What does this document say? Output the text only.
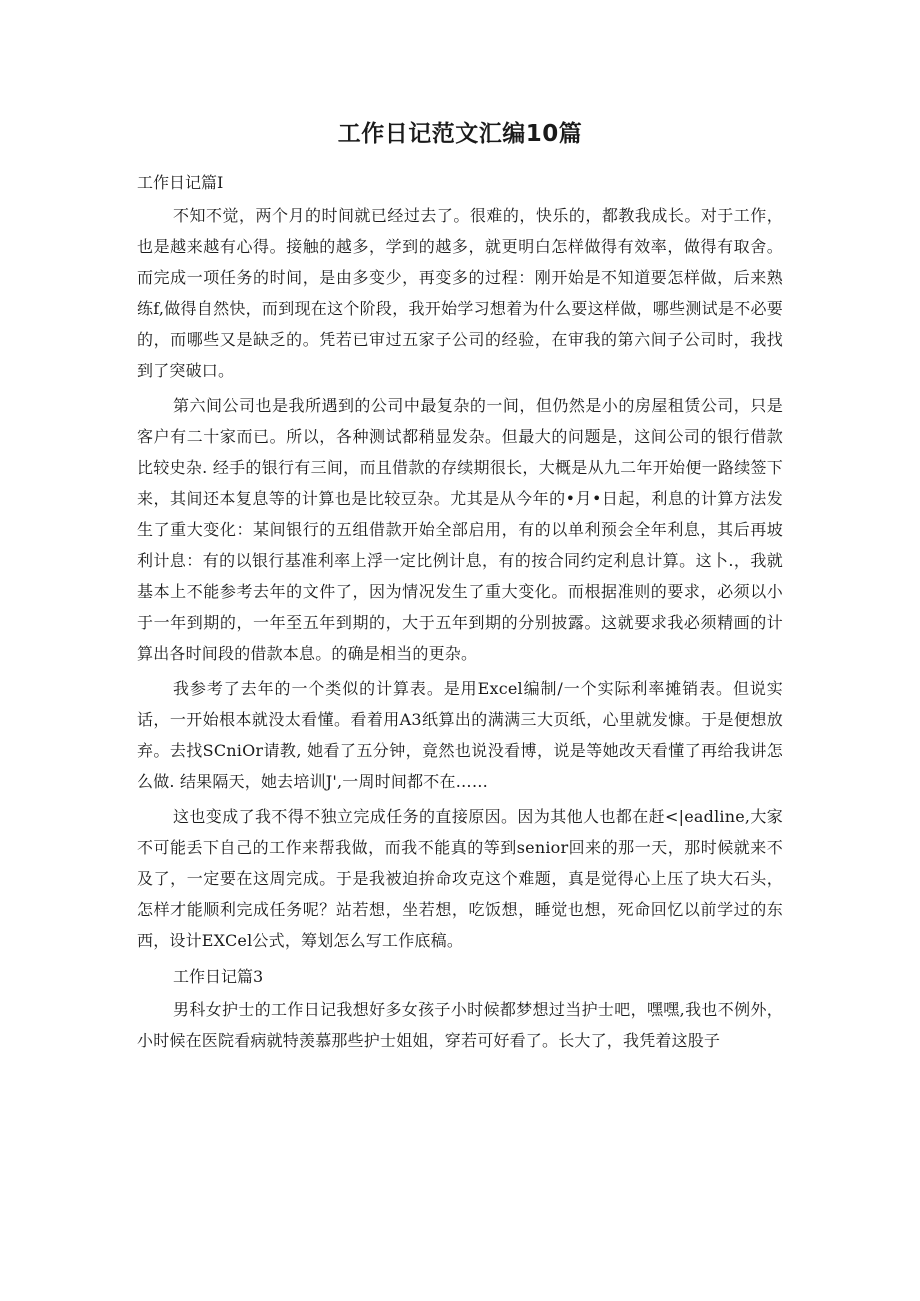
工作日记范文汇编10篇
工作日记篇I

不知不觉，两个月的时间就已经过去了。很难的，快乐的，都教我成长。对于工作，也是越来越有心得。接触的越多，学到的越多，就更明白怎样做得有效率，做得有取舍。而完成一项任务的时间，是由多变少，再变多的过程：刚开始是不知道要怎样做，后来熟练f,做得自然快，而到现在这个阶段，我开始学习想着为什么要这样做，哪些测试是不必要的，而哪些又是缺乏的。凭若已审过五家子公司的经验，在审我的第六间子公司时，我找到了突破口。

第六间公司也是我所遇到的公司中最复杂的一间，但仍然是小的房屋租赁公司，只是客户有二十家而已。所以，各种测试都稍显发杂。但最大的问题是，这间公司的银行借款比较史杂. 经手的银行有三间，而且借款的存续期很长，大概是从九二年开始便一路续签下来，其间还本复息等的计算也是比较豆杂。尤其是从今年的•月•日起，利息的计算方法发生了重大变化：某间银行的五组借款开始全部启用，有的以单利预会全年利息，其后再坡利计息：有的以银行基准利率上浮一定比例计息，有的按合同约定利息计算。这卜.，我就基本上不能参考去年的文件了，因为情况发生了重大变化。而根据准则的要求，必须以小于一年到期的，一年至五年到期的，大于五年到期的分别披露。这就要求我必须精画的计算出各时间段的借款本息。的确是相当的更杂。

我参考了去年的一个类似的计算表。是用Excel编制/一个实际利率摊销表。但说实话，一开始根本就没太看懂。看着用A3纸算出的满满三大页纸，心里就发慷。于是便想放弃。去找SCniOr请教, 她看了五分钟，竟然也说没看博，说是等她改天看懂了再给我讲怎么做. 结果隔天，她去培训J',一周时间都不在……

这也变成了我不得不独立完成任务的直接原因。因为其他人也都在赶<|eadline,大家不可能丢下自己的工作来帮我做，而我不能真的等到senior回来的那一天，那时候就来不及了，一定要在这周完成。于是我被迫拚命攻克这个难题，真是觉得心上压了块大石头，怎样才能顺利完成任务呢？站若想，坐若想，吃饭想，睡觉也想，死命回忆以前学过的东西，设计EXCel公式，筹划怎么写工作底稿。

工作日记篇3

男科女护士的工作日记我想好多女孩子小时候都梦想过当护士吧，嘿嘿,我也不例外，小时候在医院看病就特羡慕那些护士姐姐，穿若可好看了。长大了，我凭着这股子
